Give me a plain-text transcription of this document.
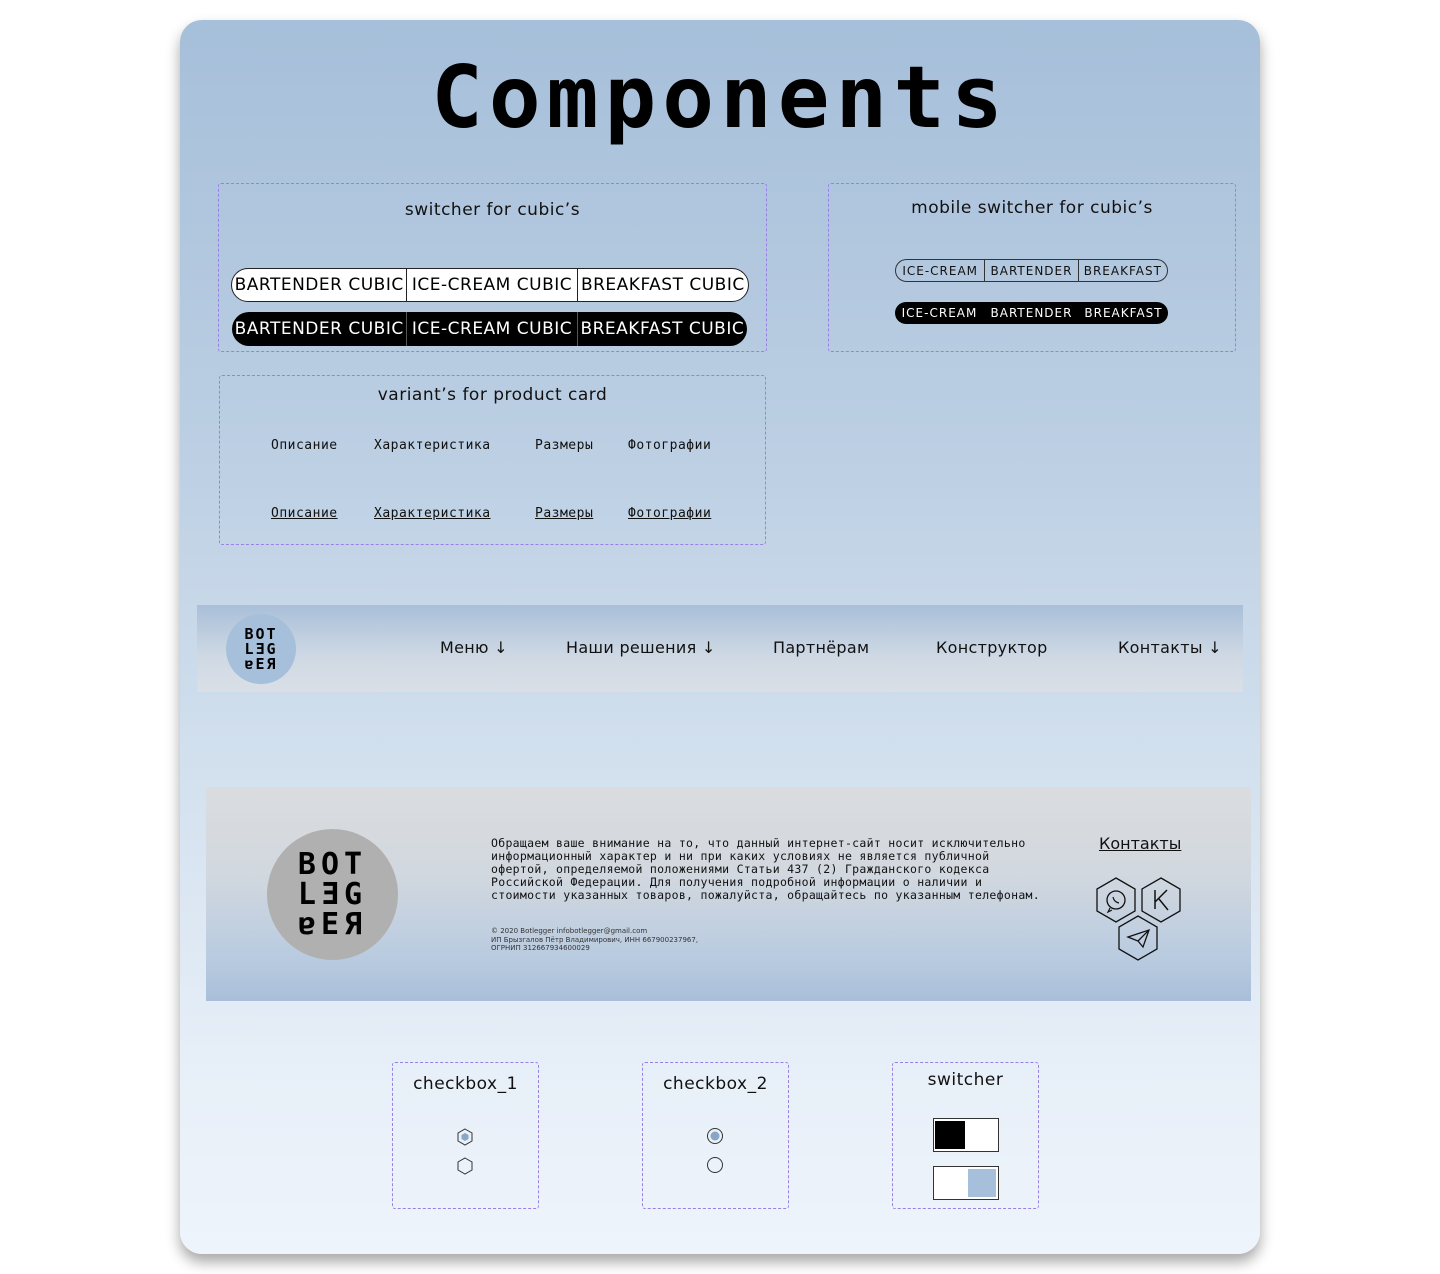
Components
switcher for cubic’s
BARTENDER CUBIC ICE-CREAM CUBIC BREAKFAST CUBIC
BARTENDER CUBIC ICE-CREAM CUBIC BREAKFAST CUBIC
mobile switcher for cubic’s
ICE-CREAM	BARTENDER BREAKFAST
ICE-CREAM	BARTENDER BREAKFAST
variant’s for product card
Описание	Характеристика	Размеры	Фотографии
Описание	Характеристика	Размеры	Фотографии
BOT
LƎG
ɐEЯ
Меню ↓	Наши решения ↓	Партнёрам	Конструктор	Контакты ↓
BOT
LƎG
ɐEЯ
Обращаем ваше внимание на то, что данный интернет-сайт носит исключительно информационный характер и ни при каких условиях не является публичной офертой, определяемой положениями Статьи 437 (2) Гражданского кодекса Российской Федерации. Для получения подробной информации о наличии и стоимости указанных товаров, пожалуйста, обращайтесь по указанным телефонам.
© 2020 Botlegger infobotlegger@gmail.com
ИП Брызгалов Пётр Владимирович, ИНН 667900237967,
ОГРНИП 312667934600029
Контакты
checkbox_1	checkbox_2	switcher
